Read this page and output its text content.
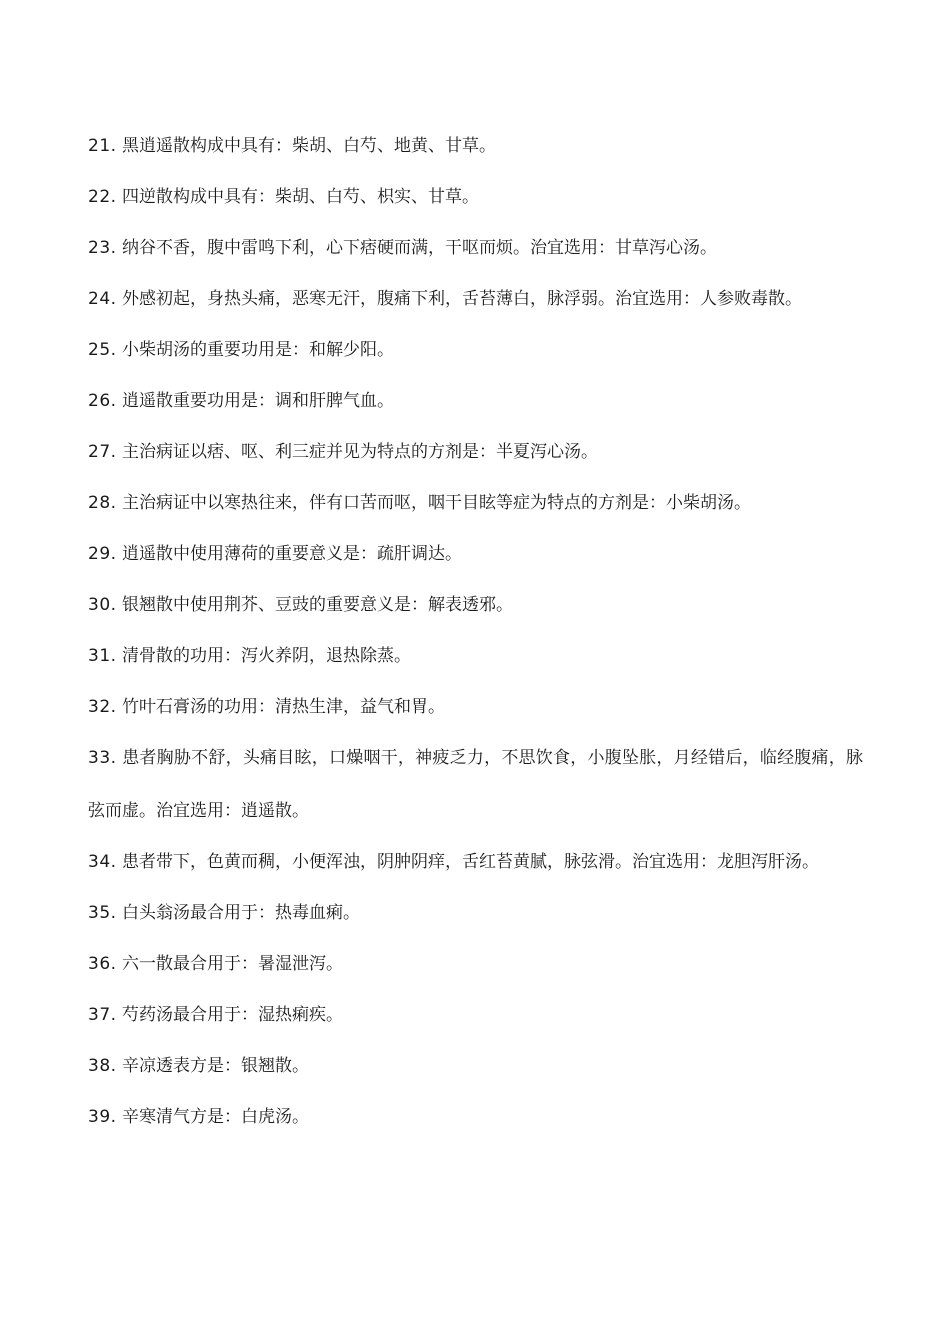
21. 黑逍遥散构成中具有：柴胡、白芍、地黄、甘草。
22. 四逆散构成中具有：柴胡、白芍、枳实、甘草。
23. 纳谷不香，腹中雷鸣下利，心下痞硬而满，干呕而烦。治宜选用：甘草泻心汤。
24. 外感初起，身热头痛，恶寒无汗，腹痛下利，舌苔薄白，脉浮弱。治宜选用：人参败毒散。
25. 小柴胡汤的重要功用是：和解少阳。
26. 逍遥散重要功用是：调和肝脾气血。
27. 主治病证以痞、呕、利三症并见为特点的方剂是：半夏泻心汤。
28. 主治病证中以寒热往来，伴有口苦而呕，咽干目眩等症为特点的方剂是：小柴胡汤。
29. 逍遥散中使用薄荷的重要意义是：疏肝调达。
30. 银翘散中使用荆芥、豆豉的重要意义是：解表透邪。
31. 清骨散的功用：泻火养阴，退热除蒸。
32. 竹叶石膏汤的功用：清热生津，益气和胃。
33. 患者胸胁不舒，头痛目眩，口燥咽干，神疲乏力，不思饮食，小腹坠胀，月经错后，临经腹痛，脉弦而虚。治宜选用：逍遥散。
34. 患者带下，色黄而稠，小便浑浊，阴肿阴痒，舌红苔黄腻，脉弦滑。治宜选用：龙胆泻肝汤。
35. 白头翁汤最合用于：热毒血痢。
36. 六一散最合用于：暑湿泄泻。
37. 芍药汤最合用于：湿热痢疾。
38. 辛凉透表方是：银翘散。
39. 辛寒清气方是：白虎汤。
